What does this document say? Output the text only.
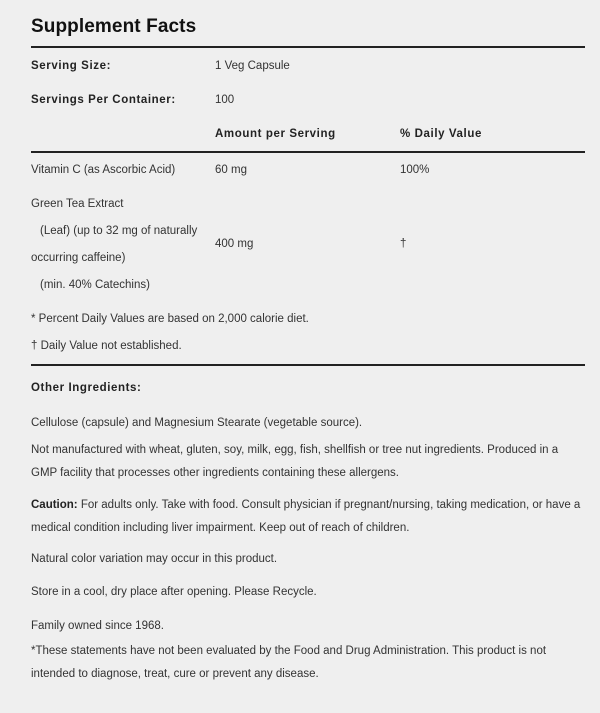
Supplement Facts
Serving Size:	1 Veg Capsule
Servings Per Container:	100
Amount per Serving	% Daily Value
Vitamin C (as Ascorbic Acid)	60 mg	100%
Green Tea Extract
(Leaf) (up to 32 mg of naturally
occurring caffeine)
(min. 40% Catechins)
400 mg	†
* Percent Daily Values are based on 2,000 calorie diet.
† Daily Value not established.
Other Ingredients:
Cellulose (capsule) and Magnesium Stearate (vegetable source).
Not manufactured with wheat, gluten, soy, milk, egg, fish, shellfish or tree nut ingredients. Produced in a GMP facility that processes other ingredients containing these allergens.
Caution: For adults only. Take with food. Consult physician if pregnant/nursing, taking medication, or have a medical condition including liver impairment. Keep out of reach of children.
Natural color variation may occur in this product.
Store in a cool, dry place after opening. Please Recycle.
Family owned since 1968.
*These statements have not been evaluated by the Food and Drug Administration. This product is not intended to diagnose, treat, cure or prevent any disease.
